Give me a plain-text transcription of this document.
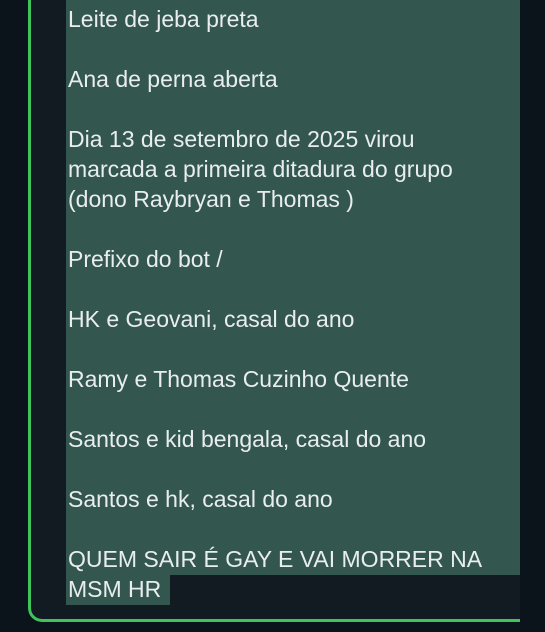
Leite de jeba preta

Ana de perna aberta

Dia 13 de setembro de 2025 virou

marcada a primeira ditadura do grupo

(dono Raybryan e Thomas )

Prefixo do bot /

HK e Geovani, casal do ano

Ramy e Thomas Cuzinho Quente

Santos e kid bengala, casal do ano

Santos e hk, casal do ano

QUEM SAIR É GAY E VAI MORRER NA

MSM HR
